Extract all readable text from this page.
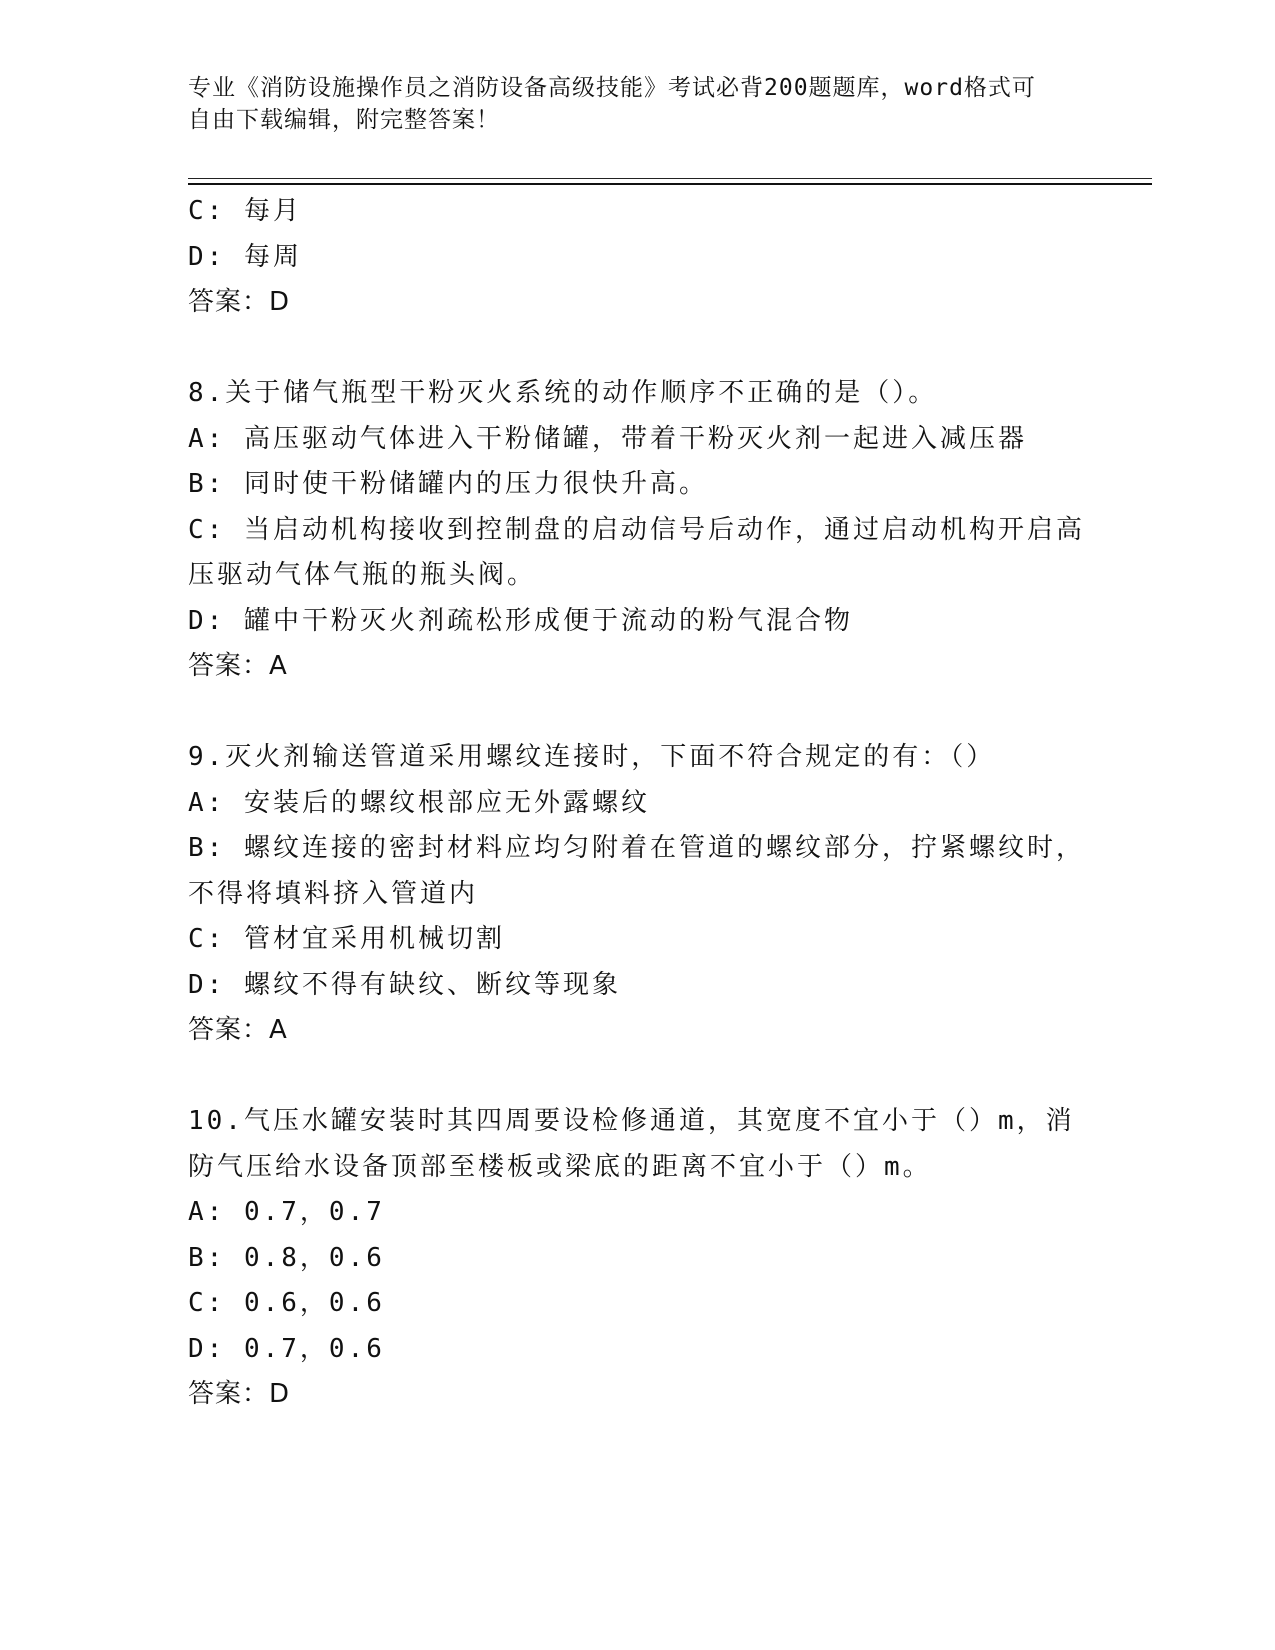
专业《消防设施操作员之消防设备高级技能》考试必背200题题库，word格式可
自由下载编辑，附完整答案！
C: 每月
D: 每周
答案：D
8.关于储气瓶型干粉灭火系统的动作顺序不正确的是（）。
A: 高压驱动气体进入干粉储罐，带着干粉灭火剂一起进入减压器
B: 同时使干粉储罐内的压力很快升高。
C: 当启动机构接收到控制盘的启动信号后动作，通过启动机构开启高
压驱动气体气瓶的瓶头阀。
D: 罐中干粉灭火剂疏松形成便于流动的粉气混合物
答案：A
9.灭火剂输送管道采用螺纹连接时，下面不符合规定的有：（）
A: 安装后的螺纹根部应无外露螺纹
B: 螺纹连接的密封材料应均匀附着在管道的螺纹部分，拧紧螺纹时，
不得将填料挤入管道内
C: 管材宜采用机械切割
D: 螺纹不得有缺纹、断纹等现象
答案：A
10.气压水罐安装时其四周要设检修通道，其宽度不宜小于（）m，消
防气压给水设备顶部至楼板或梁底的距离不宜小于（）m。
A: 0.7，0.7
B: 0.8，0.6
C: 0.6，0.6
D: 0.7，0.6
答案：D
